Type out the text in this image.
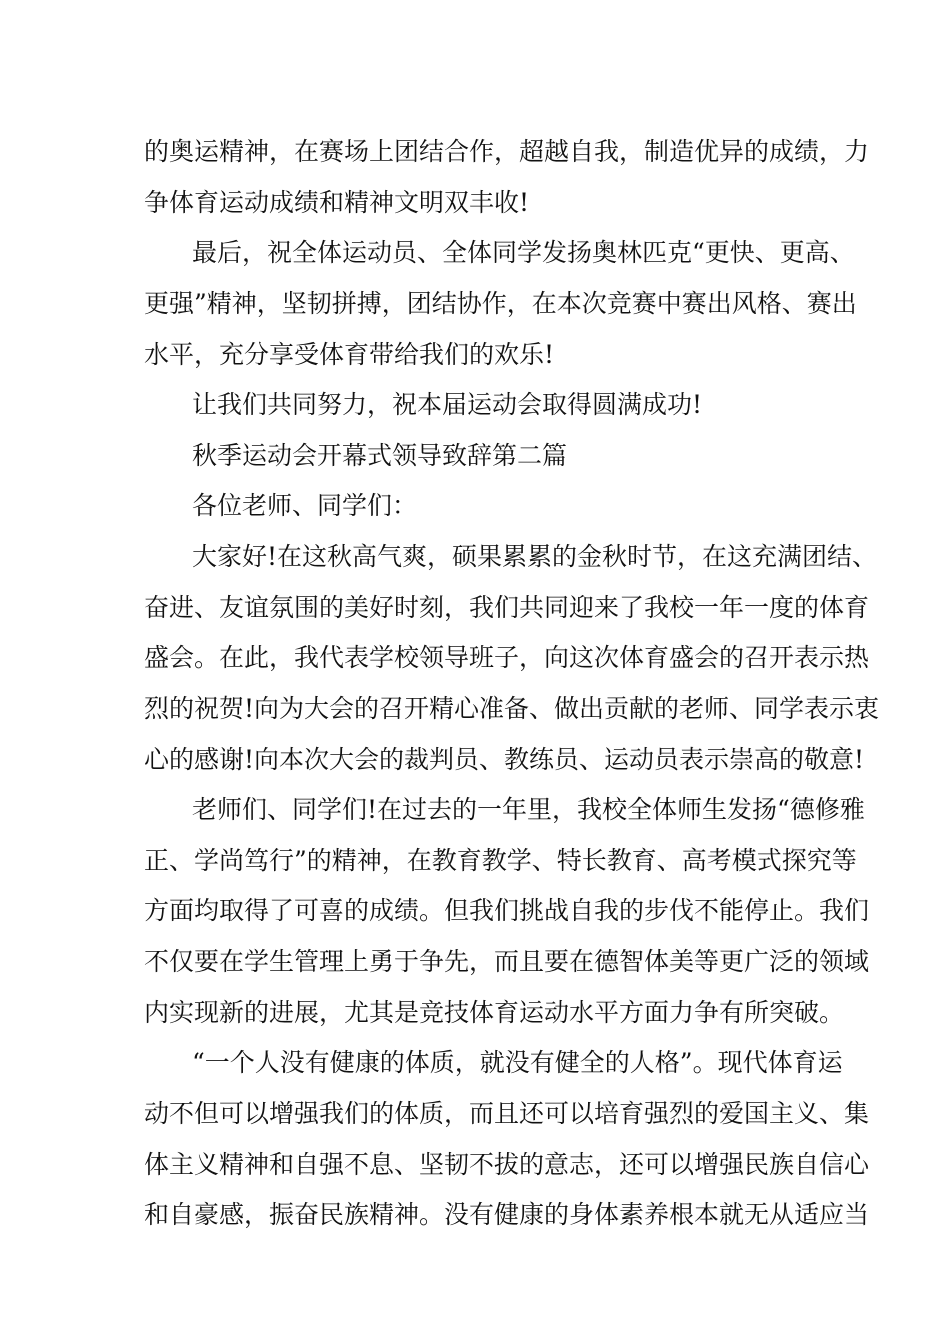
的奥运精神，在赛场上团结合作，超越自我，制造优异的成绩，力
争体育运动成绩和精神文明双丰收!
最后，祝全体运动员、全体同学发扬奥林匹克“更快、更高、
更强”精神，坚韧拼搏，团结协作，在本次竞赛中赛出风格、赛出
水平，充分享受体育带给我们的欢乐!
让我们共同努力，祝本届运动会取得圆满成功!
秋季运动会开幕式领导致辞第二篇
各位老师、同学们：
大家好!在这秋高气爽，硕果累累的金秋时节，在这充满团结、
奋进、友谊氛围的美好时刻，我们共同迎来了我校一年一度的体育
盛会。在此，我代表学校领导班子，向这次体育盛会的召开表示热
烈的祝贺!向为大会的召开精心准备、做出贡献的老师、同学表示衷
心的感谢!向本次大会的裁判员、教练员、运动员表示崇高的敬意!
老师们、同学们!在过去的一年里，我校全体师生发扬“德修雅
正、学尚笃行”的精神，在教育教学、特长教育、高考模式探究等
方面均取得了可喜的成绩。但我们挑战自我的步伐不能停止。我们
不仅要在学生管理上勇于争先，而且要在德智体美等更广泛的领域
内实现新的进展，尤其是竞技体育运动水平方面力争有所突破。
“一个人没有健康的体质，就没有健全的人格”。现代体育运
动不但可以增强我们的体质，而且还可以培育强烈的爱国主义、集
体主义精神和自强不息、坚韧不拔的意志，还可以增强民族自信心
和自豪感，振奋民族精神。没有健康的身体素养根本就无从适应当
